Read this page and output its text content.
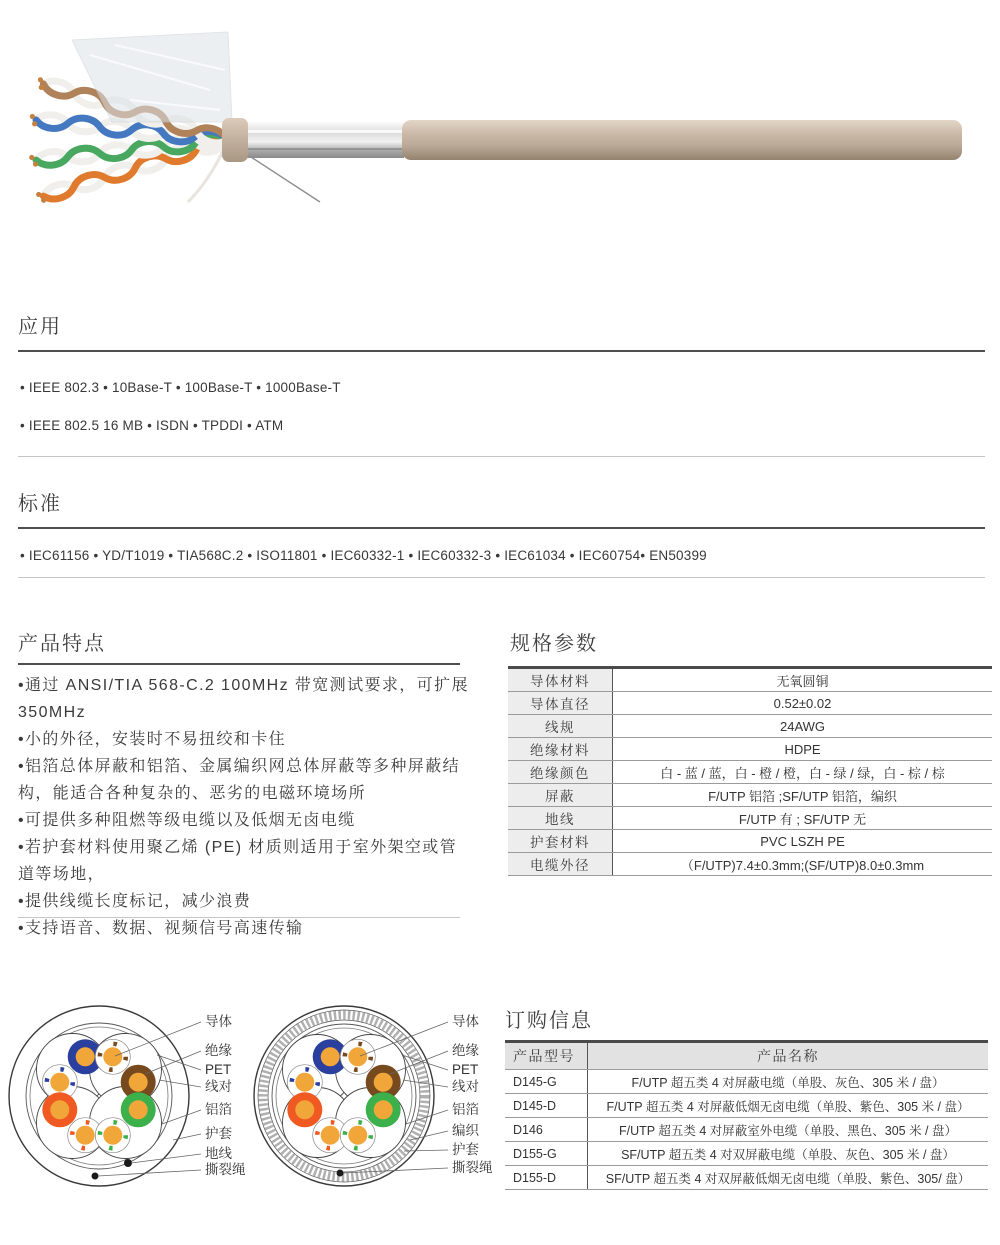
应用
• IEEE 802.3 • 10Base-T • 100Base-T • 1000Base-T
• IEEE 802.5 16 MB • ISDN • TPDDI • ATM
标准
• IEC61156 • YD/T1019 • TIA568C.2 • ISO11801 • IEC60332-1 • IEC60332-3 • IEC61034 • IEC60754• EN50399
产品特点
•通过 ANSI/TIA 568-C.2 100MHz 带宽测试要求，可扩展 350MHz
•小的外径，安装时不易扭绞和卡住
•铝箔总体屏蔽和铝箔、金属编织网总体屏蔽等多种屏蔽结构，能适合各种复杂的、恶劣的电磁环境场所
•可提供多种阻燃等级电缆以及低烟无卤电缆
•若护套材料使用聚乙烯 (PE) 材质则适用于室外架空或管道等场地，
•提供线缆长度标记，减少浪费
•支持语音、数据、视频信号高速传输
规格参数
导体材料	无氧圆铜
导体直径	0.52±0.02
线规	24AWG
绝缘材料	HDPE
绝缘颜色	白 - 蓝 / 蓝，白 - 橙 / 橙，白 - 绿 / 绿，白 - 棕 / 棕
屏蔽	F/UTP 铝箔 ;SF/UTP 铝箔，编织
地线	F/UTP 有 ; SF/UTP 无
护套材料	PVC LSZH PE
电缆外径	（F/UTP)7.4±0.3mm;(SF/UTP)8.0±0.3mm
导体
绝缘
PET
线对
铝箔
护套
地线
撕裂绳
导体
绝缘
PET
线对
铝箔
编织
护套
撕裂绳
订购信息
产品型号	产品名称
D145-G	F/UTP 超五类 4 对屏蔽电缆（单股、灰色、305 米 / 盘）
D145-D	F/UTP 超五类 4 对屏蔽低烟无卤电缆（单股、紫色、305 米 / 盘）
D146	F/UTP 超五类 4 对屏蔽室外电缆（单股、黑色、305 米 / 盘）
D155-G	SF/UTP 超五类 4 对双屏蔽电缆（单股、灰色、305 米 / 盘）
D155-D	SF/UTP 超五类 4 对双屏蔽低烟无卤电缆（单股、紫色、305/ 盘）
